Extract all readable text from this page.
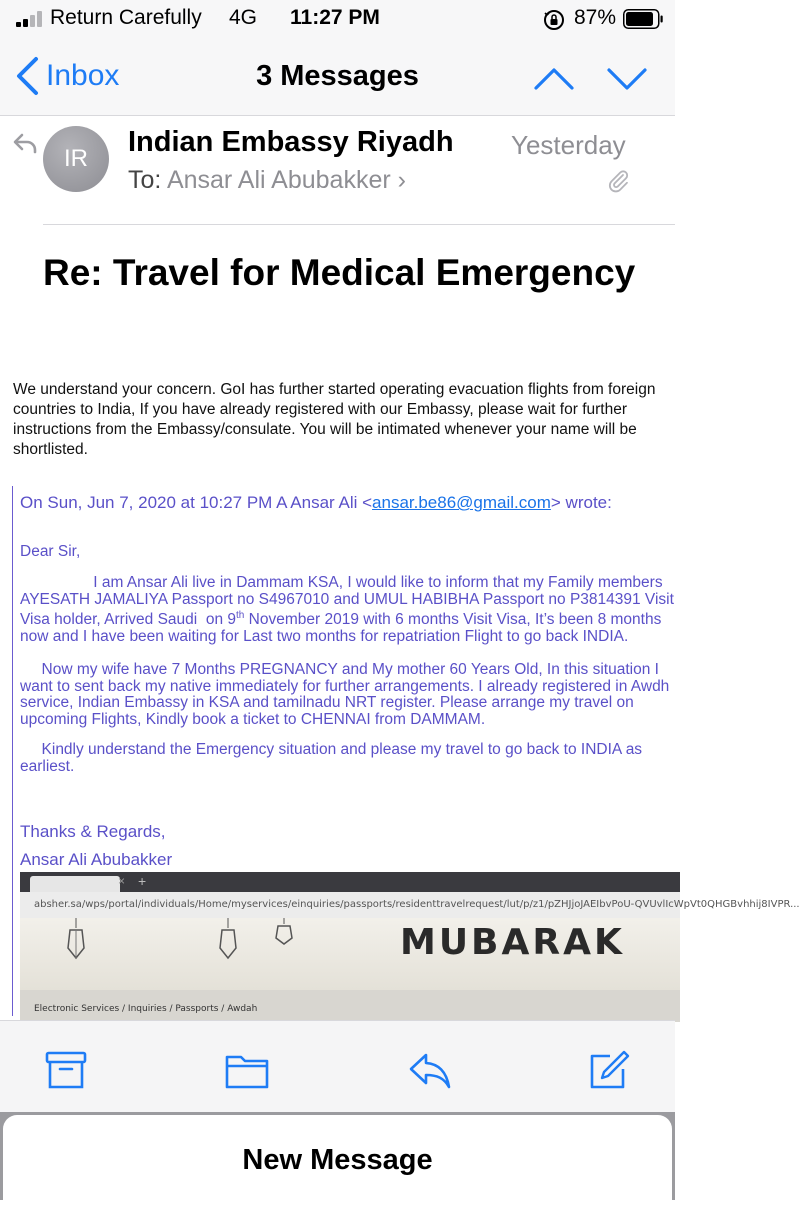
Return Carefully 4G 11:27 PM	87%
Inbox	3 Messages
IR
Indian Embassy Riyadh Yesterday
To: Ansar Ali Abubakker ›
Re: Travel for Medical Emergency
We understand your concern. GoI has further started operating evacuation flights from foreign countries to India, If you have already registered with our Embassy, please wait for further instructions from the Embassy/consulate. You will be intimated whenever your name will be shortlisted.
On Sun, Jun 7, 2020 at 10:27 PM A Ansar Ali <ansar.be86@gmail.com> wrote:
Dear Sir,
I am Ansar Ali live in Dammam KSA, I would like to inform that my Family members
AYESATH JAMALIYA Passport no S4967010 and UMUL HABIBHA Passport no P3814391 Visit
Visa holder, Arrived Saudi  on 9th November 2019 with 6 months Visit Visa, It’s been 8 months
now and I have been waiting for Last two months for repatriation Flight to go back INDIA.
Now my wife have 7 Months PREGNANCY and My mother 60 Years Old, In this situation I
want to sent back my native immediately for further arrangements. I already registered in Awdh
service, Indian Embassy in KSA and tamilnadu NRT register. Please arrange my travel on
upcoming Flights, Kindly book a ticket to CHENNAI from DAMMAM.
Kindly understand the Emergency situation and please my travel to go back to INDIA as
earliest.
Thanks & Regards,
Ansar Ali Abubakker
× +
absher.sa/wps/portal/individuals/Home/myservices/einquiries/passports/residenttravelrequest/lut/p/z1/pZHJjoJAEIbvPoU-QVUvlIcWpVt0QHGBvhhij8IVPR...
MUBARAK
Electronic Services / Inquiries / Passports / Awdah
New Message
